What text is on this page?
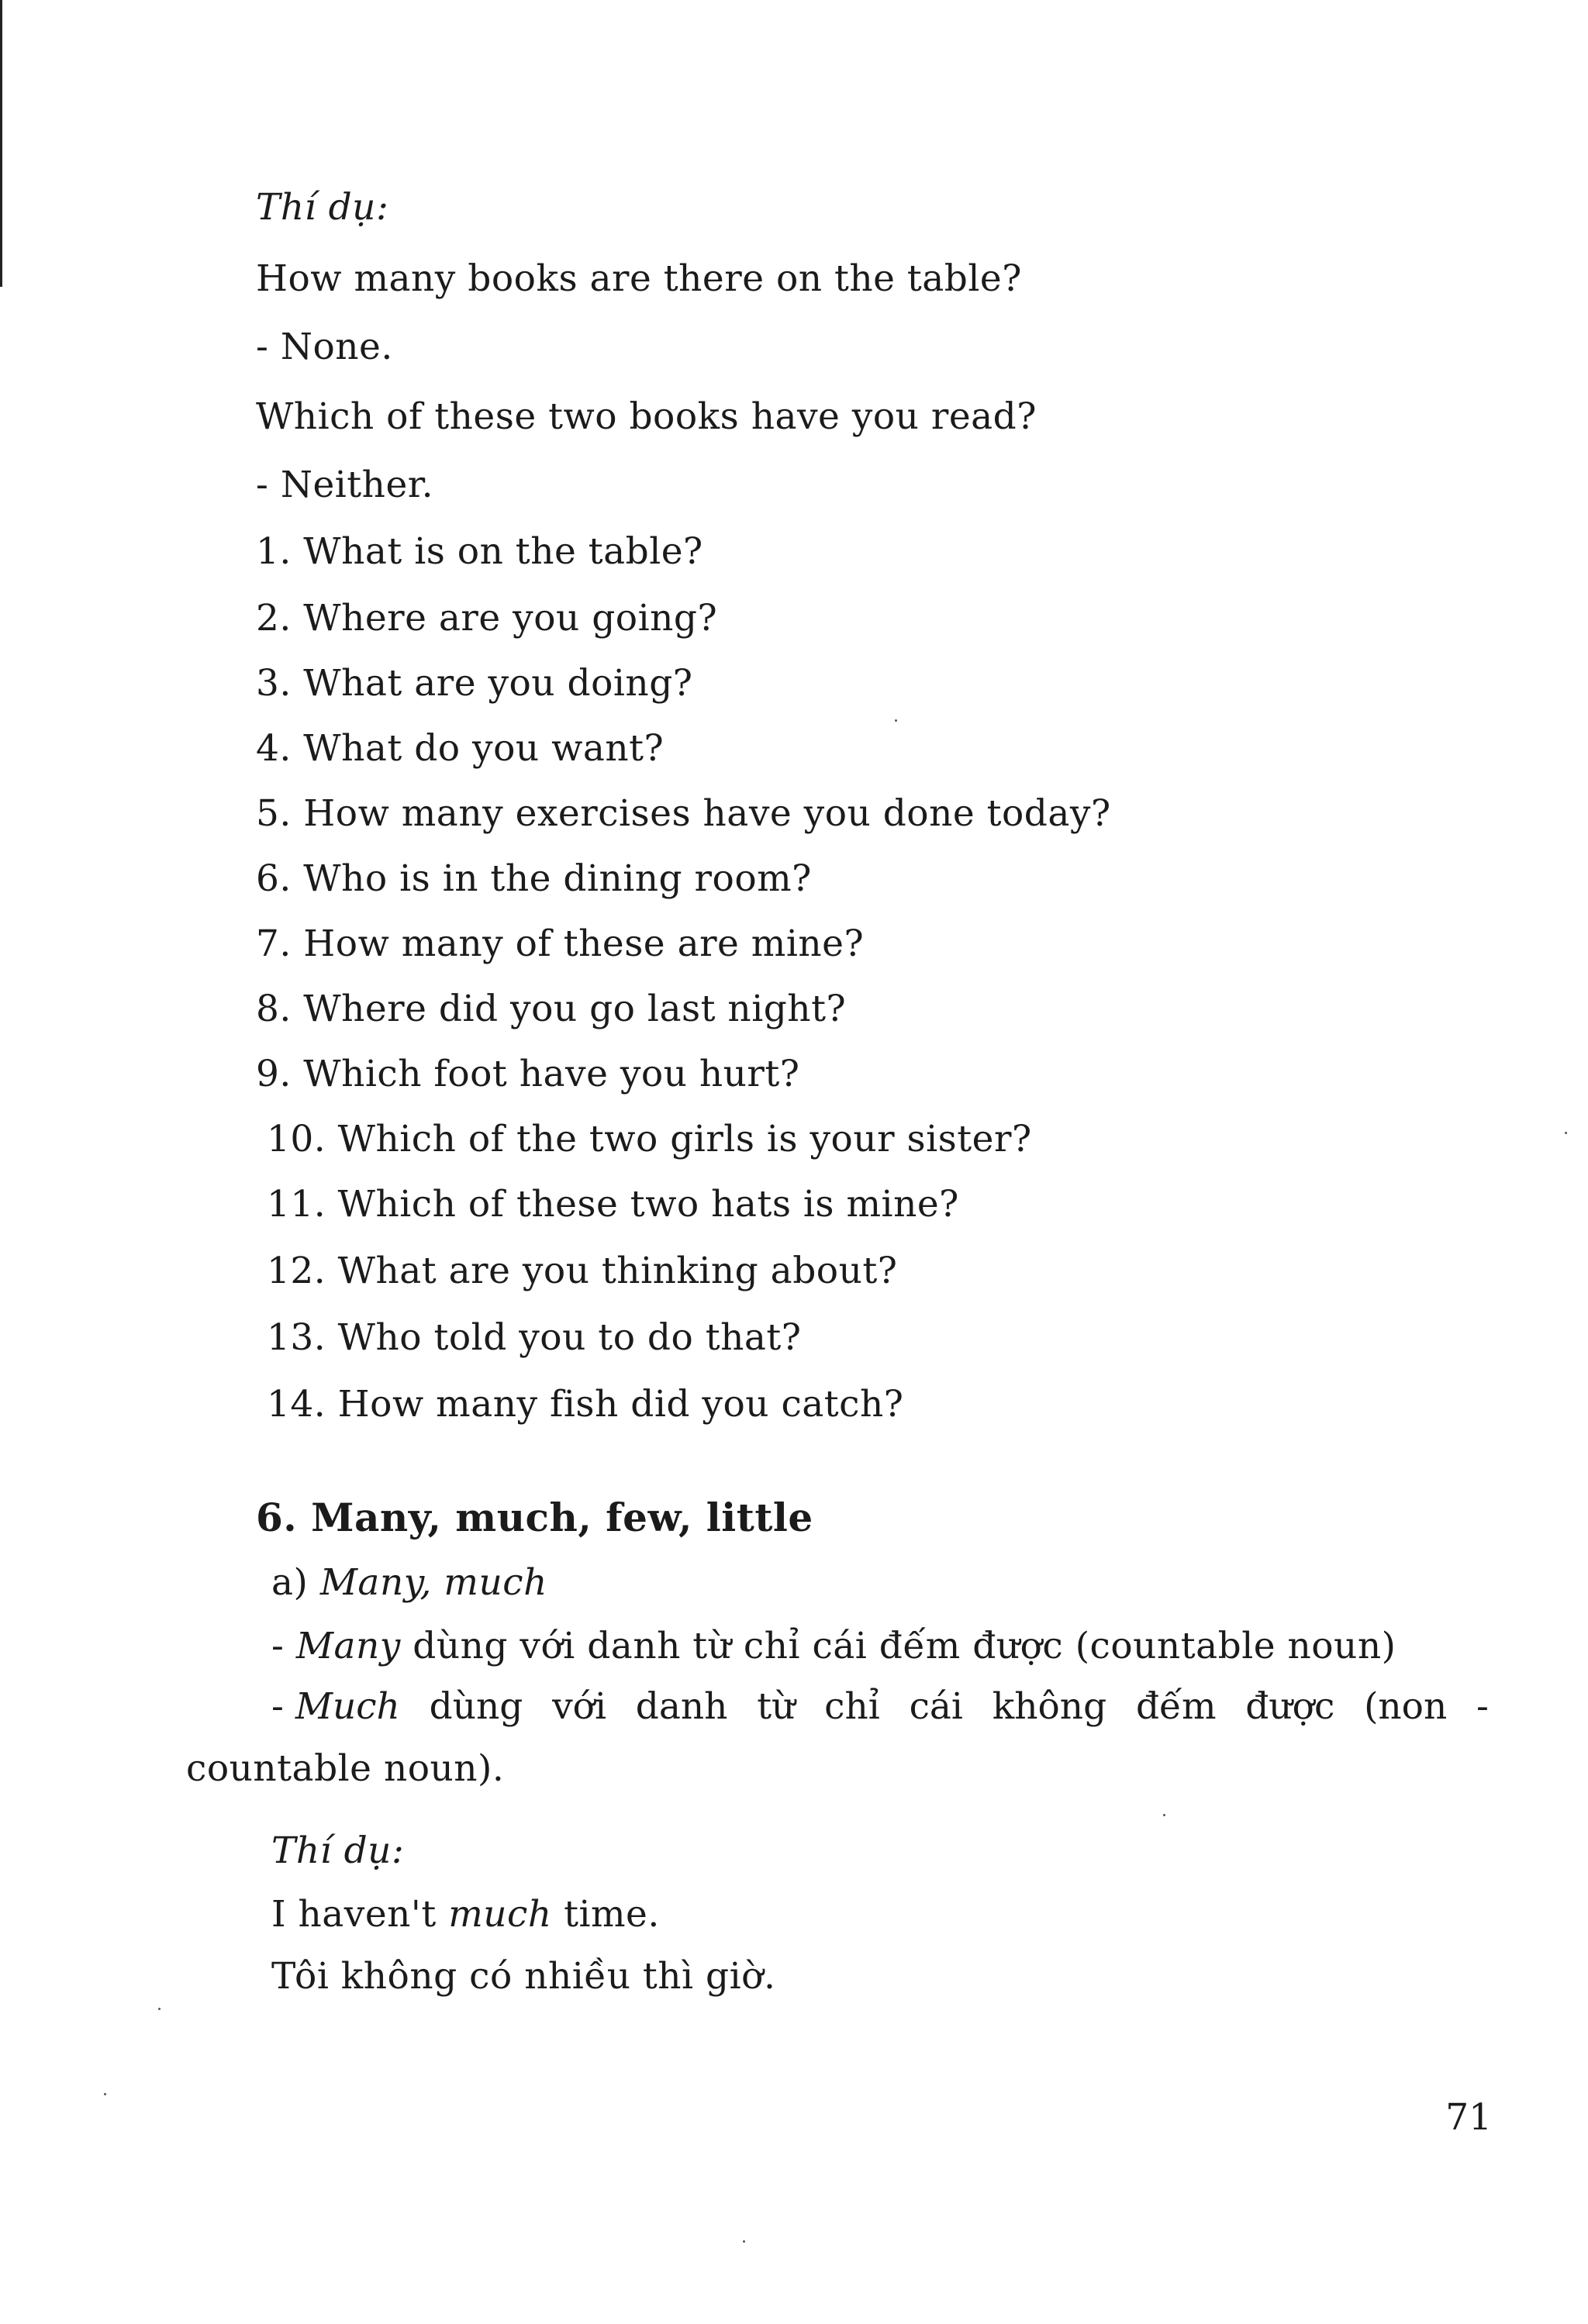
Thí dụ:
How many books are there on the table?
- None.
Which of these two books have you read?
- Neither.
1. What is on the table?
2. Where are you going?
3. What are you doing?
4. What do you want?
5. How many exercises have you done today?
6. Who is in the dining room?
7. How many of these are mine?
8. Where did you go last night?
9. Which foot have you hurt?
10. Which of the two girls is your sister?
11. Which of these two hats is mine?
12. What are you thinking about?
13. Who told you to do that?
14. How many fish did you catch?
6. Many, much, few, little
a) Many, much
- Many dùng với danh từ chỉ cái đếm được (countable noun)
- Much dùng với danh từ chỉ cái không đếm được (non -
countable noun).
Thí dụ:
I haven't much time.
Tôi không có nhiều thì giờ.
71
